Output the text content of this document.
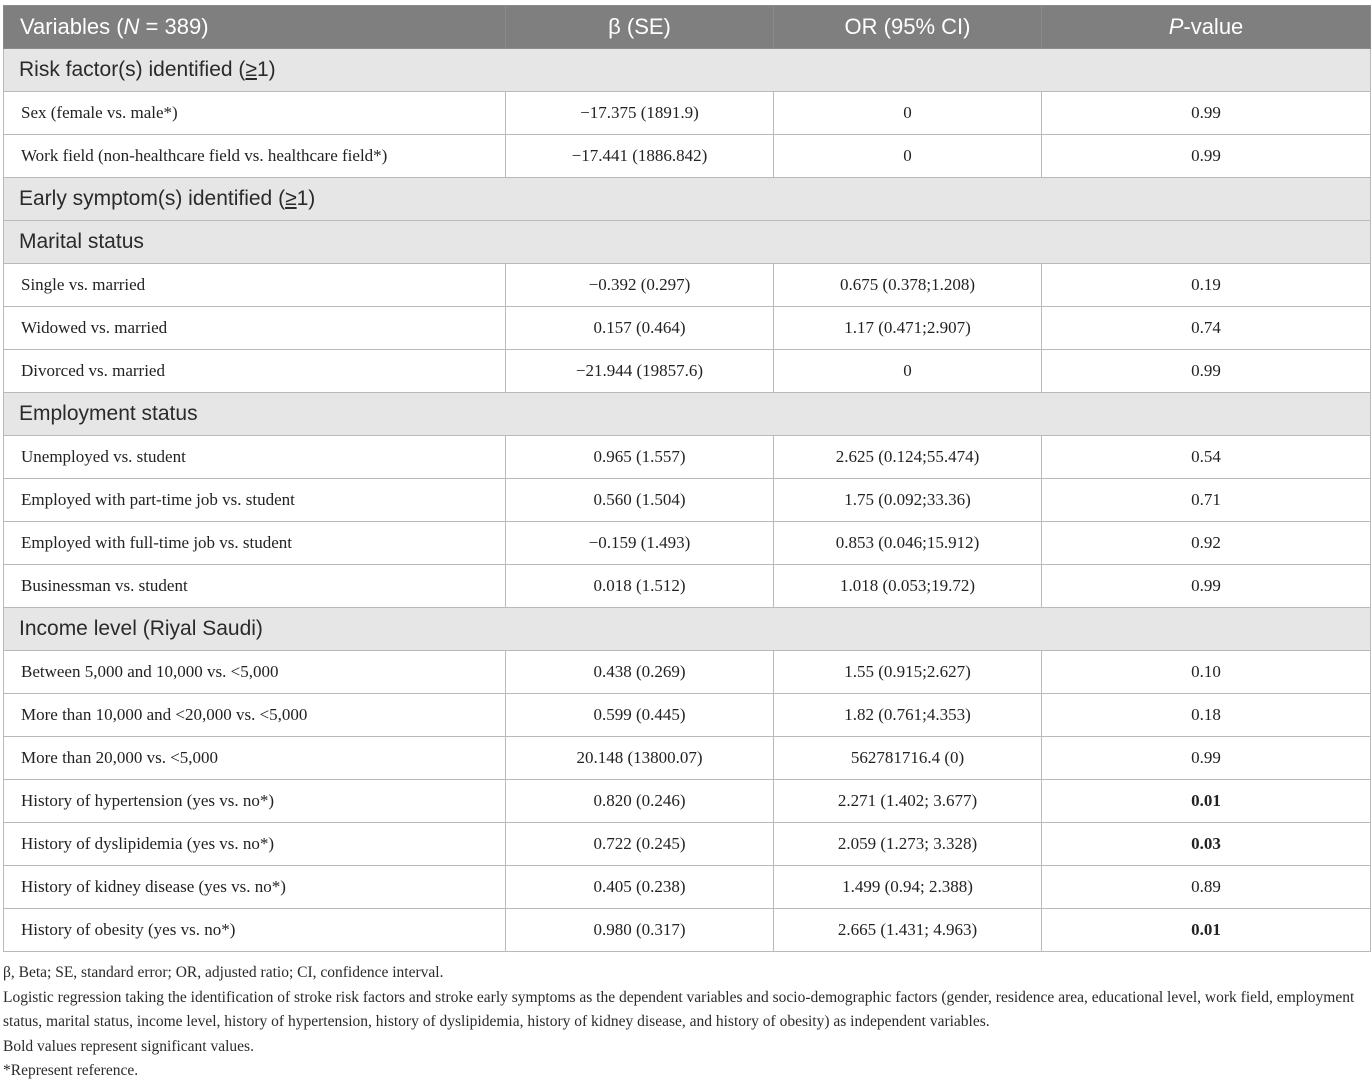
Variables (N = 389)	β (SE)	OR (95% CI)	P-value
Risk factor(s) identified (≥1)			
Sex (female vs. male*)	−17.375 (1891.9)	0	0.99
Work field (non-healthcare field vs. healthcare field*)	−17.441 (1886.842)	0	0.99
Early symptom(s) identified (≥1)			
Marital status			
Single vs. married	−0.392 (0.297)	0.675 (0.378;1.208)	0.19
Widowed vs. married	0.157 (0.464)	1.17 (0.471;2.907)	0.74
Divorced vs. married	−21.944 (19857.6)	0	0.99
Employment status			
Unemployed vs. student	0.965 (1.557)	2.625 (0.124;55.474)	0.54
Employed with part-time job vs. student	0.560 (1.504)	1.75 (0.092;33.36)	0.71
Employed with full-time job vs. student	−0.159 (1.493)	0.853 (0.046;15.912)	0.92
Businessman vs. student	0.018 (1.512)	1.018 (0.053;19.72)	0.99
Income level (Riyal Saudi)			
Between 5,000 and 10,000 vs. <5,000	0.438 (0.269)	1.55 (0.915;2.627)	0.10
More than 10,000 and <20,000 vs. <5,000	0.599 (0.445)	1.82 (0.761;4.353)	0.18
More than 20,000 vs. <5,000	20.148 (13800.07)	562781716.4 (0)	0.99
History of hypertension (yes vs. no*)	0.820 (0.246)	2.271 (1.402; 3.677)	0.01
History of dyslipidemia (yes vs. no*)	0.722 (0.245)	2.059 (1.273; 3.328)	0.03
History of kidney disease (yes vs. no*)	0.405 (0.238)	1.499 (0.94; 2.388)	0.89
History of obesity (yes vs. no*)	0.980 (0.317)	2.665 (1.431; 4.963)	0.01

β, Beta; SE, standard error; OR, adjusted ratio; CI, confidence interval.

Logistic regression taking the identification of stroke risk factors and stroke early symptoms as the dependent variables and socio-demographic factors (gender, residence area, educational level, work field, employment status, marital status, income level, history of hypertension, history of dyslipidemia, history of kidney disease, and history of obesity) as independent variables.

Bold values represent significant values.

*Represent reference.
